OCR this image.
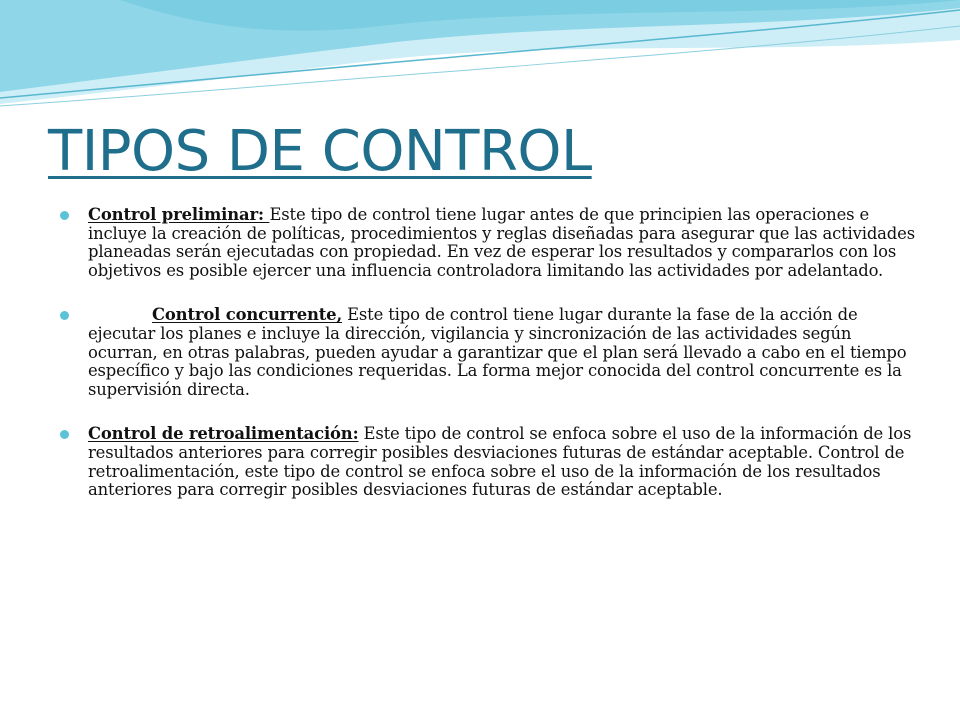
TIPOS DE CONTROL
Control preliminar: Este tipo de control tiene lugar antes de que principien las operaciones e incluye la creación de políticas, procedimientos y reglas diseñadas para asegurar que las actividades planeadas serán ejecutadas con propiedad. En vez de esperar los resultados y compararlos con los objetivos es posible ejercer una influencia controladora limitando las actividades por adelantado.
Control concurrente, Este tipo de control tiene lugar durante la fase de la acción de ejecutar los planes e incluye la dirección, vigilancia y sincronización de las actividades según ocurran, en otras palabras, pueden ayudar a garantizar que el plan será llevado a cabo en el tiempo específico y bajo las condiciones requeridas. La forma mejor conocida del control concurrente es la supervisión directa.
Control de retroalimentación: Este tipo de control se enfoca sobre el uso de la información de los resultados anteriores para corregir posibles desviaciones futuras de estándar aceptable. Control de retroalimentación, este tipo de control se enfoca sobre el uso de la información de los resultados anteriores para corregir posibles desviaciones futuras de estándar aceptable.
